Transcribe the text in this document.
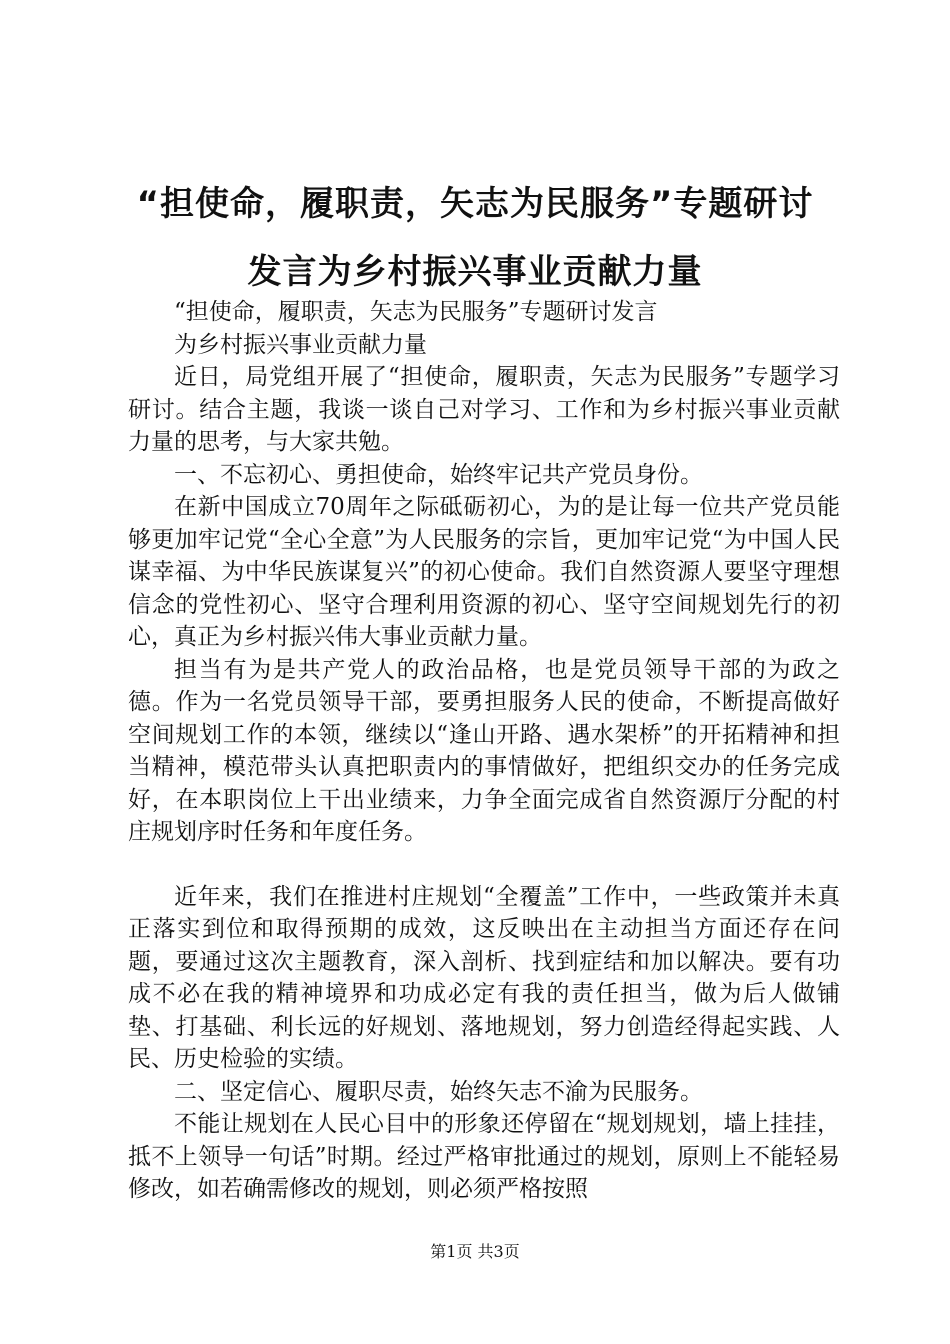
“担使命，履职责，矢志为民服务”专题研讨
发言为乡村振兴事业贡献力量

“担使命，履职责，矢志为民服务”专题研讨发言

为乡村振兴事业贡献力量

近日，局党组开展了“担使命，履职责，矢志为民服务”专题学习研讨。结合主题，我谈一谈自己对学习、工作和为乡村振兴事业贡献力量的思考，与大家共勉。

一、不忘初心、勇担使命，始终牢记共产党员身份。

在新中国成立70周年之际砥砺初心，为的是让每一位共产党员能够更加牢记党“全心全意”为人民服务的宗旨，更加牢记党“为中国人民谋幸福、为中华民族谋复兴”的初心使命。我们自然资源人要坚守理想信念的党性初心、坚守合理利用资源的初心、坚守空间规划先行的初心，真正为乡村振兴伟大事业贡献力量。

担当有为是共产党人的政治品格，也是党员领导干部的为政之德。作为一名党员领导干部，要勇担服务人民的使命，不断提高做好空间规划工作的本领，继续以“逢山开路、遇水架桥”的开拓精神和担当精神，模范带头认真把职责内的事情做好，把组织交办的任务完成好，在本职岗位上干出业绩来，力争全面完成省自然资源厅分配的村庄规划序时任务和年度任务。

近年来，我们在推进村庄规划“全覆盖”工作中，一些政策并未真正落实到位和取得预期的成效，这反映出在主动担当方面还存在问题，要通过这次主题教育，深入剖析、找到症结和加以解决。要有功成不必在我的精神境界和功成必定有我的责任担当，做为后人做铺垫、打基础、利长远的好规划、落地规划，努力创造经得起实践、人民、历史检验的实绩。

二、坚定信心、履职尽责，始终矢志不渝为民服务。

不能让规划在人民心目中的形象还停留在“规划规划，墙上挂挂，抵不上领导一句话”时期。经过严格审批通过的规划，原则上不能轻易修改，如若确需修改的规划，则必须严格按照

第1页 共3页
